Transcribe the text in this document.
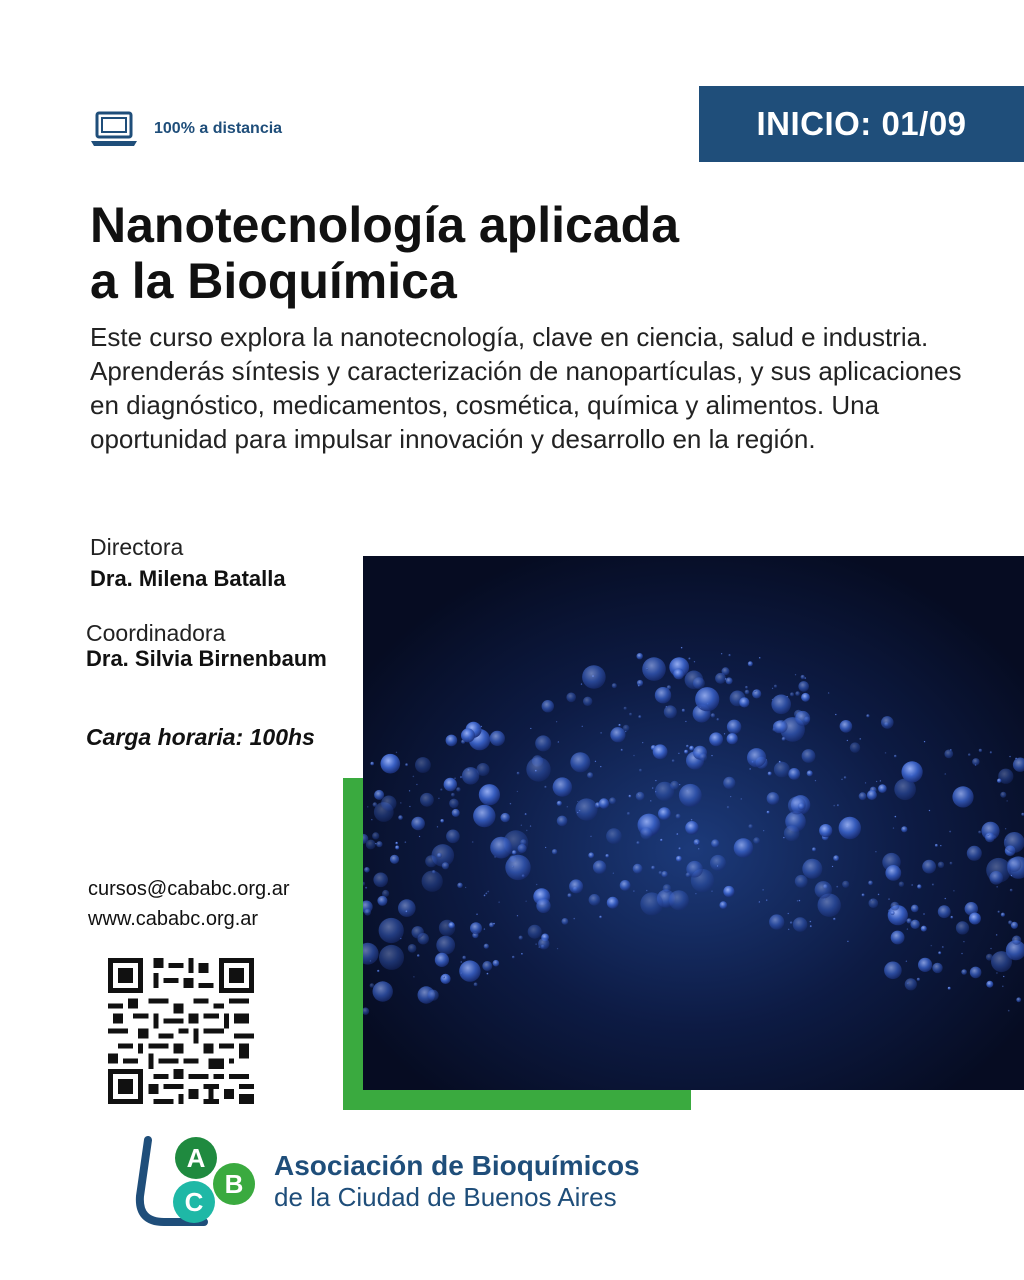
100% a distancia	INICIO: 01/09
Nanotecnología aplicada
a la Bioquímica
Este curso explora la nanotecnología, clave en ciencia, salud e industria. Aprenderás síntesis y caracterización de nanopartículas, y sus aplicaciones en diagnóstico, medicamentos, cosmética, química y alimentos. Una oportunidad para impulsar innovación y desarrollo en la región.
Directora
Dra. Milena Batalla
Coordinadora
Dra. Silvia Birnenbaum
Carga horaria: 100hs
cursos@cababc.org.ar
www.cababc.org.ar
A
B
C
Asociación de Bioquímicos
de la Ciudad de Buenos Aires
